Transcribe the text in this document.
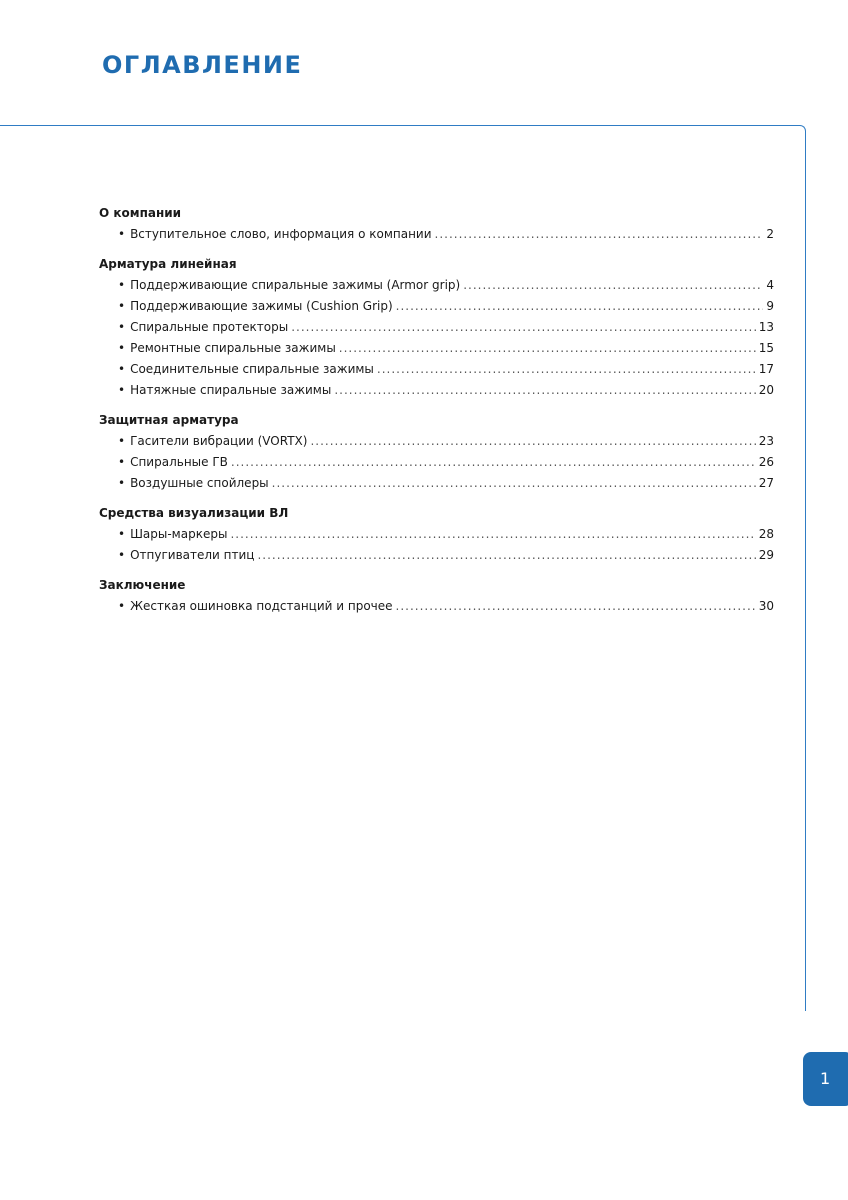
ОГЛАВЛЕНИЕ
О компании
• Вступительное слово, информация о компании .....	2
Арматура линейная
• Поддерживающие спиральные зажимы (Armor grip) .....	4
• Поддерживающие зажимы (Cushion Grip) .....	9
• Спиральные протекторы .....	13
• Ремонтные спиральные зажимы .....	15
• Соединительные спиральные зажимы .....	17
• Натяжные спиральные зажимы .....	20
Защитная арматура
• Гасители вибрации (VORTX) .....	23
• Спиральные ГВ .....	26
• Воздушные спойлеры .....	27
Средства визуализации ВЛ
• Шары-маркеры .....	28
• Отпугиватели птиц .....	29
Заключение
• Жесткая ошиновка подстанций и прочее .....	30
1
